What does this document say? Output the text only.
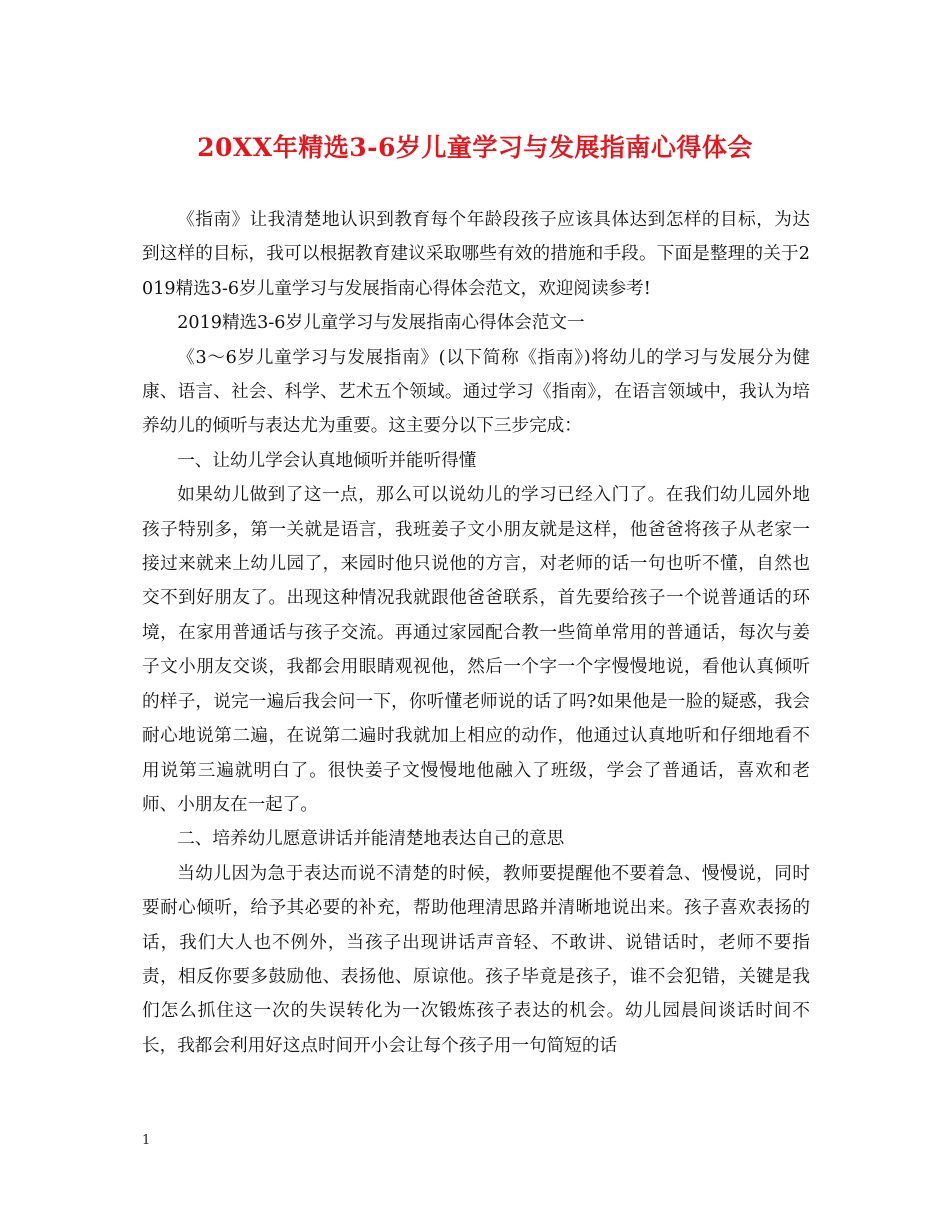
20XX年精选3-6岁儿童学习与发展指南心得体会

《指南》让我清楚地认识到教育每个年龄段孩子应该具体达到怎样的目标，为达到这样的目标，我可以根据教育建议采取哪些有效的措施和手段。下面是整理的关于2019精选3-6岁儿童学习与发展指南心得体会范文，欢迎阅读参考!

2019精选3-6岁儿童学习与发展指南心得体会范文一

《3～6岁儿童学习与发展指南》(以下简称《指南》)将幼儿的学习与发展分为健康、语言、社会、科学、艺术五个领域。通过学习《指南》，在语言领域中，我认为培养幼儿的倾听与表达尤为重要。这主要分以下三步完成：

一、让幼儿学会认真地倾听并能听得懂

如果幼儿做到了这一点，那么可以说幼儿的学习已经入门了。在我们幼儿园外地孩子特别多，第一关就是语言，我班姜子文小朋友就是这样，他爸爸将孩子从老家一接过来就来上幼儿园了，来园时他只说他的方言，对老师的话一句也听不懂，自然也交不到好朋友了。出现这种情况我就跟他爸爸联系，首先要给孩子一个说普通话的环境，在家用普通话与孩子交流。再通过家园配合教一些简单常用的普通话，每次与姜子文小朋友交谈，我都会用眼睛观视他，然后一个字一个字慢慢地说，看他认真倾听的样子，说完一遍后我会问一下，你听懂老师说的话了吗?如果他是一脸的疑惑，我会耐心地说第二遍，在说第二遍时我就加上相应的动作，他通过认真地听和仔细地看不用说第三遍就明白了。很快姜子文慢慢地他融入了班级，学会了普通话，喜欢和老师、小朋友在一起了。

二、培养幼儿愿意讲话并能清楚地表达自己的意思

当幼儿因为急于表达而说不清楚的时候，教师要提醒他不要着急、慢慢说，同时要耐心倾听，给予其必要的补充，帮助他理清思路并清晰地说出来。孩子喜欢表扬的话，我们大人也不例外，当孩子出现讲话声音轻、不敢讲、说错话时，老师不要指责，相反你要多鼓励他、表扬他、原谅他。孩子毕竟是孩子，谁不会犯错，关键是我们怎么抓住这一次的失误转化为一次锻炼孩子表达的机会。幼儿园晨间谈话时间不长，我都会利用好这点时间开小会让每个孩子用一句简短的话

1
